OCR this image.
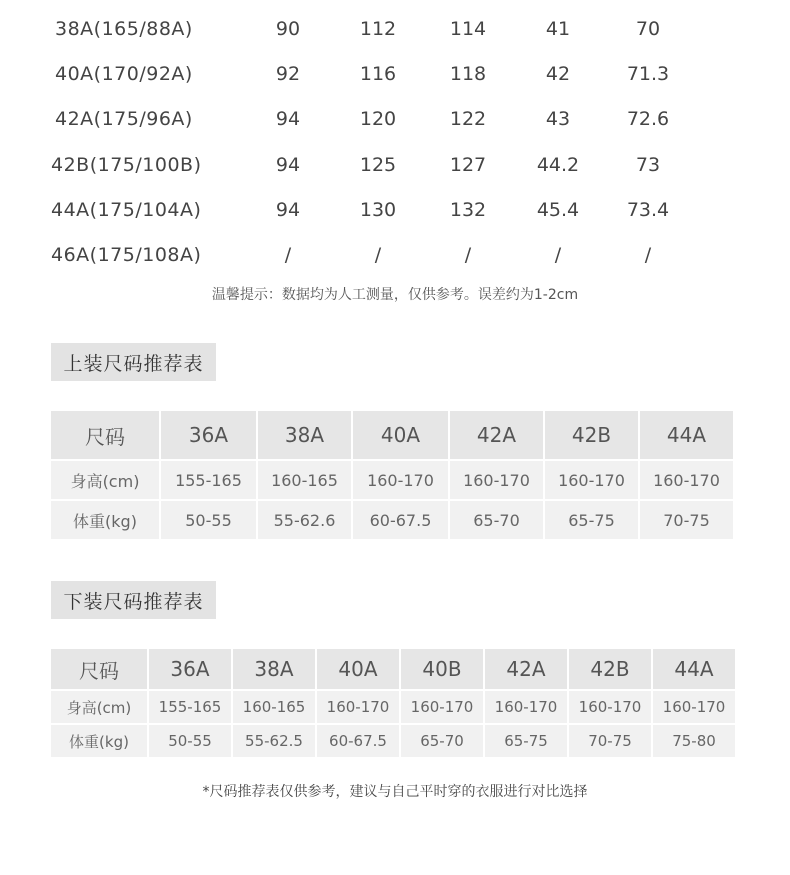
38A(165/88A)	90	112	114	41	70
40A(170/92A)	92	116	118	42	71.3
42A(175/96A)	94	120	122	43	72.6
42B(175/100B)	94	125	127	44.2	73
44A(175/104A)	94	130	132	45.4	73.4
46A(175/108A)	/	/	/	/	/
温馨提示：数据均为人工测量，仅供参考。误差约为1-2cm
上装尺码推荐表
尺码	36A	38A	40A	42A	42B	44A
身高(cm)	155-165	160-165	160-170	160-170	160-170	160-170
体重(kg)	50-55	55-62.6	60-67.5	65-70	65-75	70-75
下装尺码推荐表
尺码	36A	38A	40A	40B	42A	42B	44A
身高(cm)	155-165	160-165	160-170	160-170	160-170	160-170	160-170
体重(kg)	50-55	55-62.5	60-67.5	65-70	65-75	70-75	75-80
*尺码推荐表仅供参考，建议与自己平时穿的衣服进行对比选择
